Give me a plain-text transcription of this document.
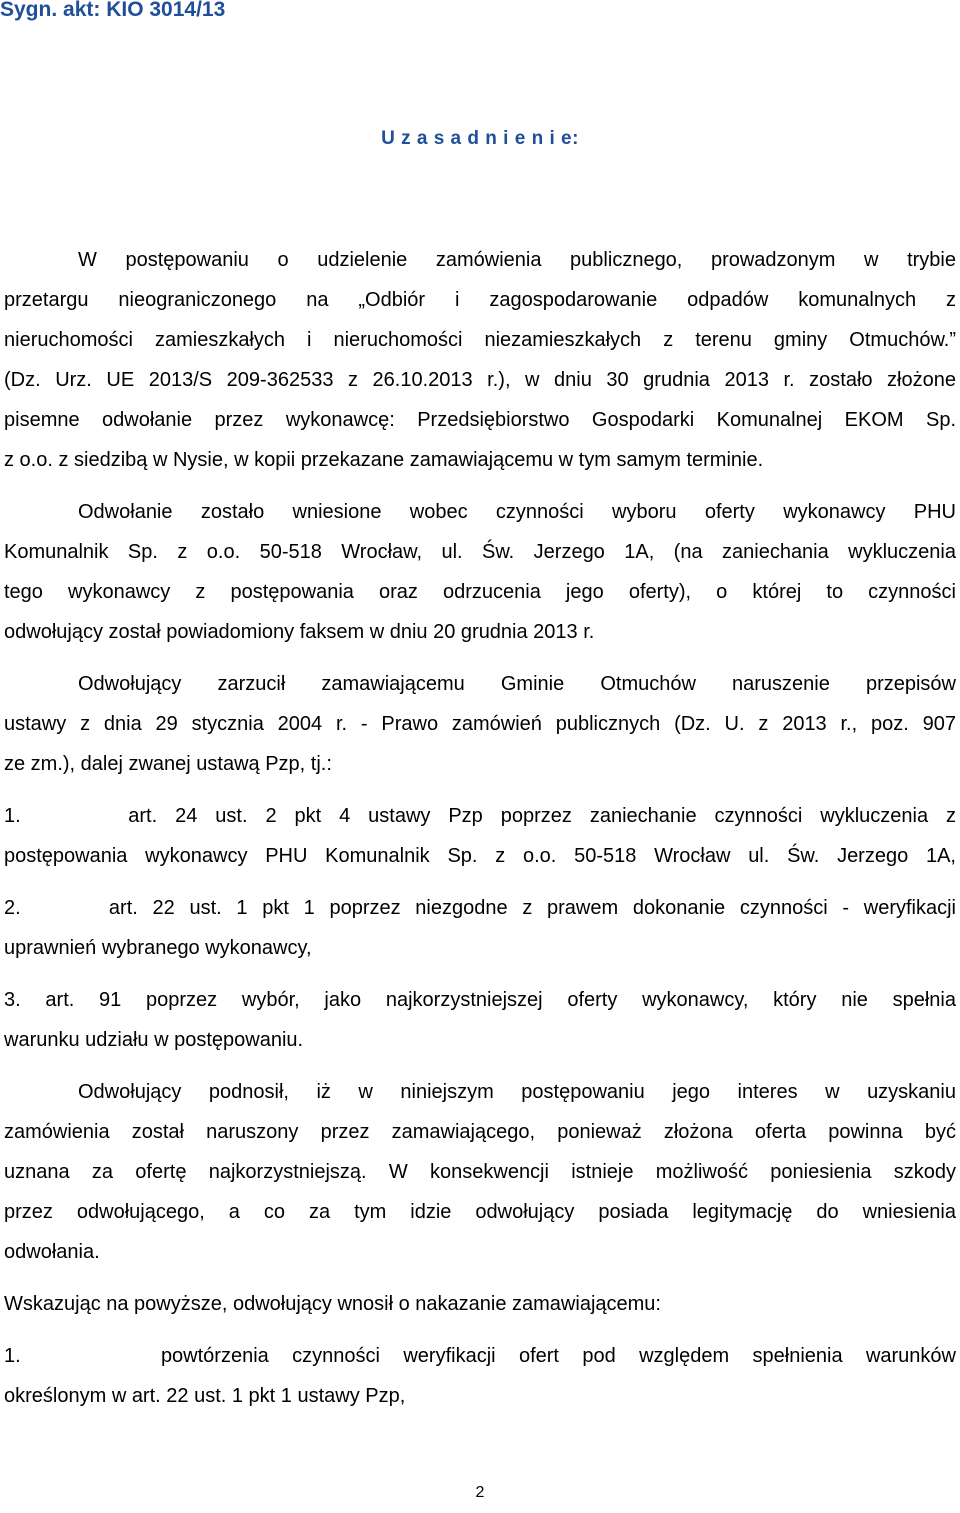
Sygn. akt: KIO 3014/13
U z a s a d n i e n i e:
W postępowaniu o udzielenie zamówienia publicznego, prowadzonym w trybie
przetargu nieograniczonego na „Odbiór i zagospodarowanie odpadów komunalnych z
nieruchomości zamieszkałych i nieruchomości niezamieszkałych z terenu gminy Otmuchów.”
(Dz. Urz. UE 2013/S 209-362533 z 26.10.2013 r.), w dniu 30 grudnia 2013 r. zostało złożone
pisemne odwołanie przez wykonawcę: Przedsiębiorstwo Gospodarki Komunalnej EKOM Sp.
z o.o. z siedzibą w Nysie, w kopii przekazane zamawiającemu w tym samym terminie.
Odwołanie zostało wniesione wobec czynności wyboru oferty wykonawcy PHU
Komunalnik Sp. z o.o. 50-518 Wrocław, ul. Św. Jerzego 1A, (na zaniechania wykluczenia
tego wykonawcy z postępowania oraz odrzucenia jego oferty), o której to czynności
odwołujący został powiadomiony faksem w dniu 20 grudnia 2013 r.
Odwołujący zarzucił zamawiającemu Gminie Otmuchów naruszenie przepisów
ustawy z dnia 29 stycznia 2004 r. - Prawo zamówień publicznych (Dz. U. z 2013 r., poz. 907
ze zm.), dalej zwanej ustawą Pzp, tj.:
1.      art. 24 ust. 2 pkt 4 ustawy Pzp poprzez zaniechanie czynności wykluczenia z
postępowania wykonawcy PHU Komunalnik Sp. z o.o. 50-518 Wrocław ul. Św. Jerzego 1A,
2.      art. 22 ust. 1 pkt 1 poprzez niezgodne z prawem dokonanie czynności - weryfikacji
uprawnień wybranego wykonawcy,
3. art. 91 poprzez wybór, jako najkorzystniejszej oferty wykonawcy, który nie spełnia
warunku udziału w postępowaniu.
Odwołujący podnosił, iż w niniejszym postępowaniu jego interes w uzyskaniu
zamówienia został naruszony przez zamawiającego, ponieważ złożona oferta powinna być
uznana za ofertę najkorzystniejszą. W konsekwencji istnieje możliwość poniesienia szkody
przez odwołującego, a co za tym idzie odwołujący posiada legitymację do wniesienia
odwołania.
Wskazując na powyższe, odwołujący wnosił o nakazanie zamawiającemu:
1.      powtórzenia czynności weryfikacji ofert pod względem spełnienia warunków
określonym w art. 22 ust. 1 pkt 1 ustawy Pzp,
2
